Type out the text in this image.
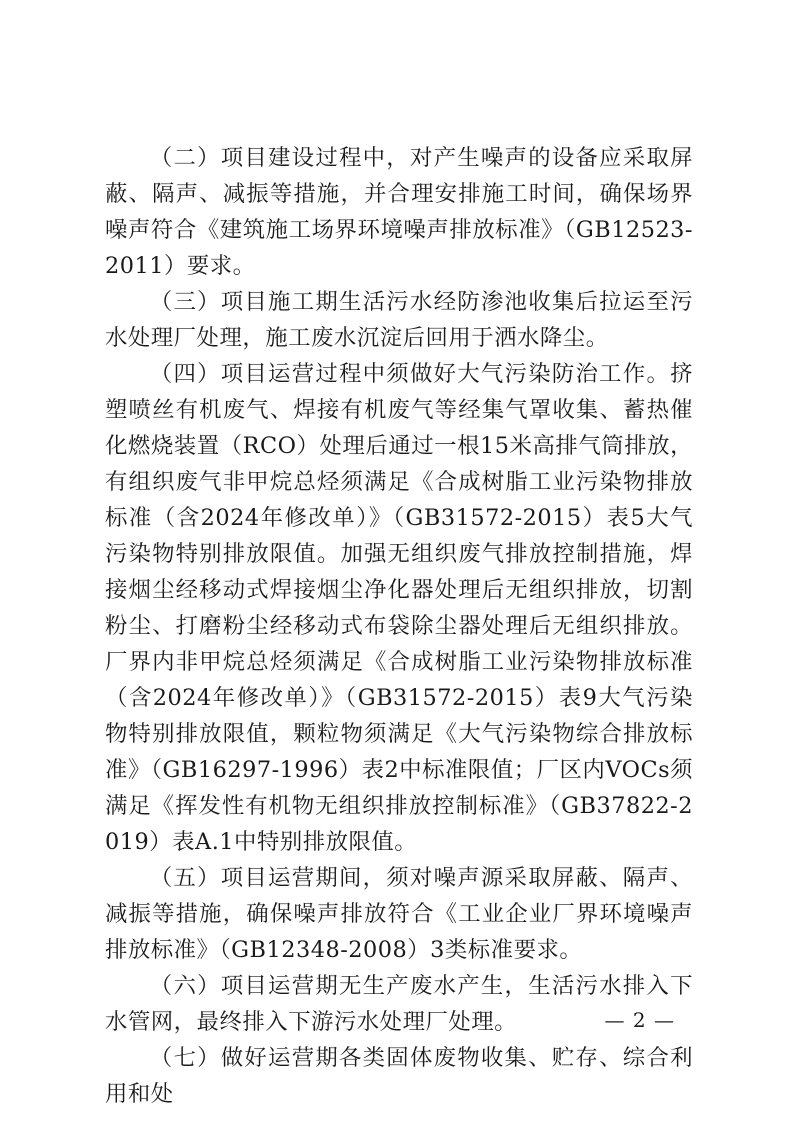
（二）项目建设过程中，对产生噪声的设备应采取屏蔽、隔声、减振等措施，并合理安排施工时间，确保场界噪声符合《建筑施工场界环境噪声排放标准》（GB12523-2011）要求。

（三）项目施工期生活污水经防渗池收集后拉运至污水处理厂处理，施工废水沉淀后回用于洒水降尘。

（四）项目运营过程中须做好大气污染防治工作。挤塑喷丝有机废气、焊接有机废气等经集气罩收集、蓄热催化燃烧装置（RCO）处理后通过一根15米高排气筒排放，有组织废气非甲烷总烃须满足《合成树脂工业污染物排放标准（含2024年修改单）》（GB31572-2015）表5大气污染物特别排放限值。加强无组织废气排放控制措施，焊接烟尘经移动式焊接烟尘净化器处理后无组织排放，切割粉尘、打磨粉尘经移动式布袋除尘器处理后无组织排放。厂界内非甲烷总烃须满足《合成树脂工业污染物排放标准（含2024年修改单）》（GB31572-2015）表9大气污染物特别排放限值，颗粒物须满足《大气污染物综合排放标准》（GB16297-1996）表2中标准限值；厂区内VOCs须满足《挥发性有机物无组织排放控制标准》（GB37822-2019）表A.1中特别排放限值。

（五）项目运营期间，须对噪声源采取屏蔽、隔声、减振等措施，确保噪声排放符合《工业企业厂界环境噪声排放标准》（GB12348-2008）3类标准要求。

（六）项目运营期无生产废水产生，生活污水排入下水管网，最终排入下游污水处理厂处理。

（七）做好运营期各类固体废物收集、贮存、综合利用和处

— 2 —
